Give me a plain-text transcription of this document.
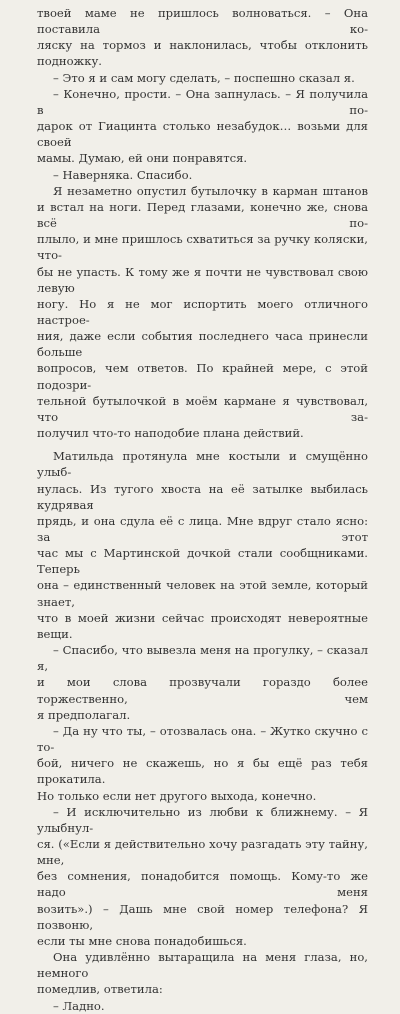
твоей маме не пришлось волноваться. – Она поставила ко-

ляску на тормоз и наклонилась, чтобы отклонить подножку.

– Это я и сам могу сделать, – поспешно сказал я.

– Конечно, прости. – Она запнулась. – Я получила в по-

дарок от Гиацинта столько незабудок… возьми для своей

мамы. Думаю, ей они понравятся.

– Наверняка. Спасибо.

Я незаметно опустил бутылочку в карман штанов

и встал на ноги. Перед глазами, конечно же, снова всё по-

плыло, и мне пришлось схватиться за ручку коляски, что-

бы не упасть. К тому же я почти не чувствовал свою левую

ногу. Но я не мог испортить моего отличного настрое-

ния, даже если события последнего часа принесли больше

вопросов, чем ответов. По крайней мере, с этой подозри-

тельной бутылочкой в моём кармане я чувствовал, что за-

получил что-то наподобие плана действий.

Матильда протянула мне костыли и смущённо улыб-

нулась. Из тугого хвоста на её затылке выбилась кудрявая

прядь, и она сдула её с лица. Мне вдруг стало ясно: за этот

час мы с Мартинской дочкой стали сообщниками. Теперь

она – единственный человек на этой земле, который знает,

что в моей жизни сейчас происходят невероятные вещи.

– Спасибо, что вывезла меня на прогулку, – сказал я,

и мои слова прозвучали гораздо более торжественно, чем

я предполагал.

– Да ну что ты, – отозвалась она. – Жутко скучно с то-

бой, ничего не скажешь, но я бы ещё раз тебя прокатила.

Но только если нет другого выхода, конечно.

– И исключительно из любви к ближнему. – Я улыбнул-

ся. («Если я действительно хочу разгадать эту тайну, мне,

без сомнения, понадобится помощь. Кому-то же надо меня

возить».) – Дашь мне свой номер телефона? Я позвоню,

если ты мне снова понадобишься.

Она удивлённо вытаращила на меня глаза, но, немного

помедлив, ответила:

– Ладно.
